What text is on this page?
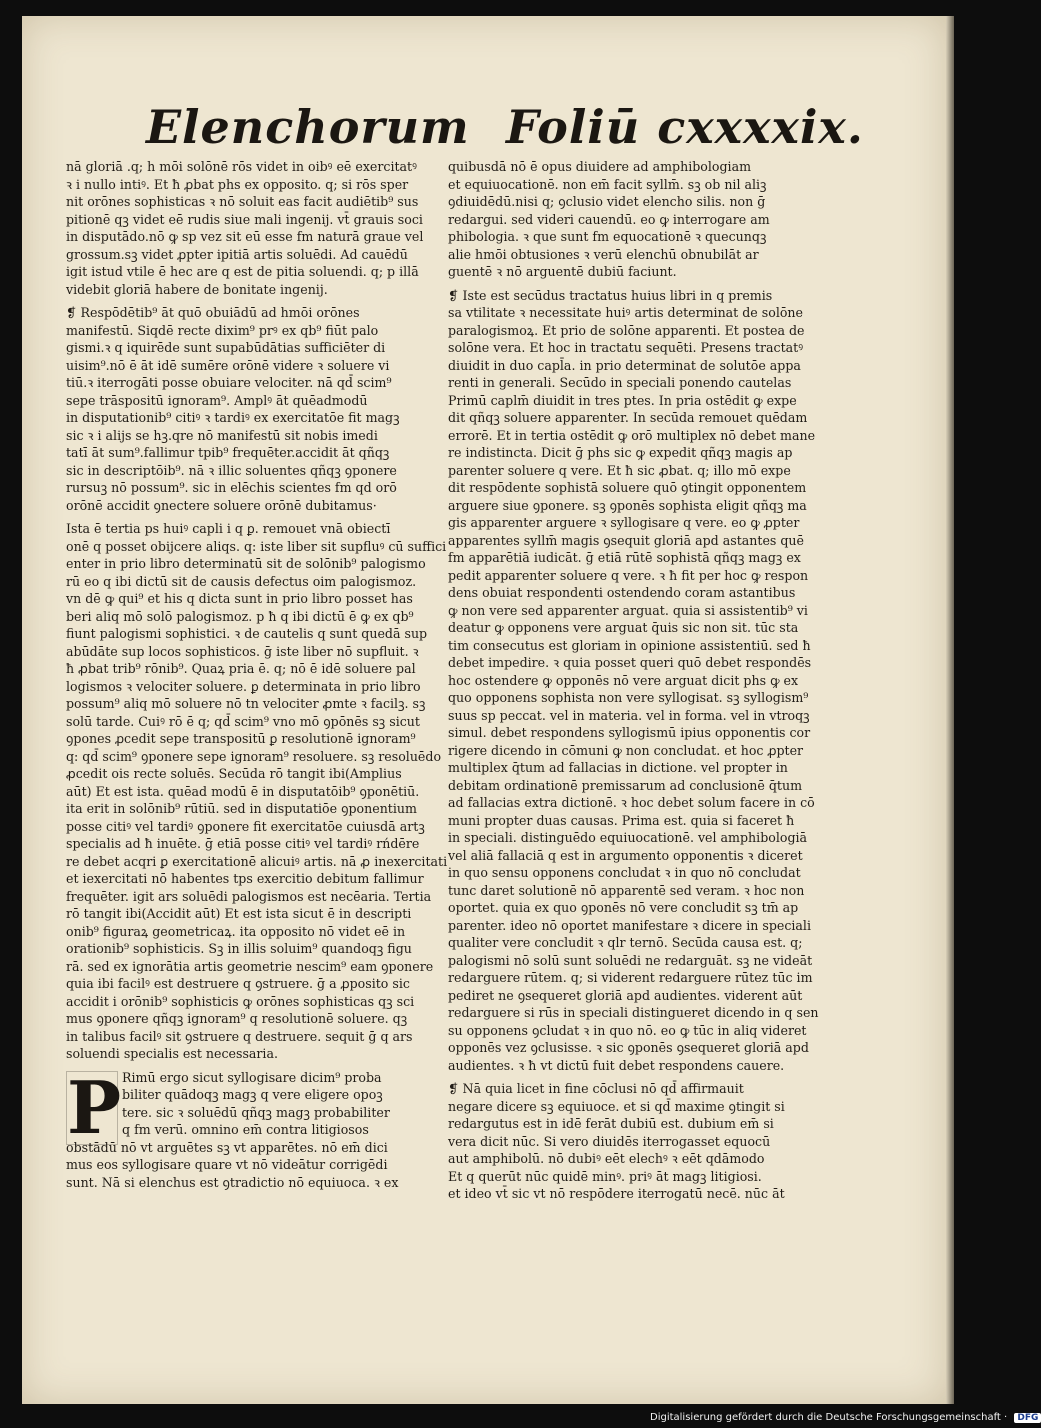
Elenchorum Foliū cxxxxix.

nā gloriā .q; h mōi solōnē rōs videt in oibꝰ eē exercitatꝰ

ꝛ i nullo intiꝰ. Et ħ ꝓbat phs ex opposito. q; si rōs sper

nit orōnes sophisticas ꝛ nō soluit eas facit audiētib⁹ sus

pitionē qꝫ videt eē rudis siue mali ingenij. vt̄ grauis soci

in disputādo.nō ꝙ sp vez sit eū esse fm naturā graue vel

grossum.sꝫ videt ꝓpter ipitiā artis soluēdi. Ad cauēdū

igit istud vtile ē hec are q est de pitia soluendi. q; p illā

videbit gloriā habere de bonitate ingenij.

❡ Respōdētib⁹ āt quō obuiādū ad hmōi orōnes

manifestū. Siqdē recte dixim⁹ prꝰ ex qb⁹ fiūt palo

gismi.ꝛ q iquirēde sunt supabūdātias sufficiēter di

uisim⁹.nō ē āt idē sumēre orōnē videre ꝛ soluere vi

tiū.ꝛ iterrogāti posse obuiare velociter. nā qd̄ scim⁹

sepe trāspositū ignoram⁹. Amplꝰ āt quēadmodū

in disputationib⁹ citiꝰ ꝛ tardiꝰ ex exercitatōe fit magꝫ

sic ꝛ i alijs se hꝫ.qre nō manifestū sit nobis imedi

tatī āt sum⁹.fallimur tpib⁹ frequēter.accidit āt qñqꝫ

sic in descriptōib⁹. nā ꝛ illic soluentes qñqꝫ ꝯponere

rursuꝫ nō possum⁹. sic in elēchis scientes fm qd orō

orōnē accidit ꝯnectere soluere orōnē dubitamus·

Ista ē tertia ps huiꝰ capli i q ꝑ. remouet vnā obiectī

onē q posset obijcere aliqs. q: iste liber sit supfluꝰ cū suffici

enter in prio libro determinatū sit de solōnib⁹ palogismo

rū eo q ibi dictū sit de causis defectus oim palogismoz.

vn dē ꝙ qui⁹ et his q dicta sunt in prio libro posset has

beri aliq mō solō palogismoz. p ħ q ibi dictū ē ꝙ ex qb⁹

fiunt palogismi sophistici. ꝛ de cautelis q sunt quedā sup

abūdāte sup locos sophisticos. ḡ iste liber nō supfluit. ꝛ

ħ ꝓbat trib⁹ rōnib⁹. Quaꝝ pria ē. q; nō ē idē soluere pal

logismos ꝛ velociter soluere. ꝑ determinata in prio libro

possum⁹ aliq mō soluere nō tn velociter ꝓmte ꝛ facilꝫ. sꝫ

solū tarde. Cuiꝰ rō ē q; qd̄ scim⁹ vno mō ꝯpōnēs sꝫ sicut

ꝯpones ꝓcedit sepe transpositū ꝑ resolutionē ignoram⁹

q: qd̄ scim⁹ ꝯponere sepe ignoram⁹ resoluere. sꝫ resoluēdo

ꝓcedit ois recte soluēs. Secūda rō tangit ibi(Amplius

aūt) Et est ista. quēad modū ē in disputatōib⁹ ꝯponētiū.

ita erit in solōnib⁹ rūtiū. sed in disputatiōe ꝯponentium

posse citiꝰ vel tardiꝰ ꝯponere fit exercitatōe cuiusdā artꝫ

specialis ad ħ inuēte. ḡ etiā posse citiꝰ vel tardiꝰ rńdēre

re debet acqri ꝑ exercitationē alicuiꝰ artis. nā ꝓ inexercitati

et iexercitati nō habentes tps exercitio debitum fallimur

frequēter. igit ars soluēdi palogismos est necēaria. Tertia

rō tangit ibi(Accidit aūt) Et est ista sicut ē in descripti

onib⁹ figuraꝝ geometricaꝝ. ita opposito nō videt eē in

orationib⁹ sophisticis. Sꝫ in illis soluim⁹ quandoqꝫ figu

rā. sed ex ignorātia artis geometrie nescim⁹ eam ꝯponere

quia ibi facilꝰ est destruere q ꝯstruere. ḡ a ꝓposito sic

accidit i orōnib⁹ sophisticis ꝙ orōnes sophisticas qꝫ sci

mus ꝯponere qñqꝫ ignoram⁹ q resolutionē soluere. qꝫ

in talibus facilꝰ sit ꝯstruere q destruere. sequit ḡ q ars

soluendi specialis est necessaria.

P Rimū ergo sicut syllogisare dicim⁹ proba

biliter quādoqꝫ magꝫ q vere eligere opoꝫ

tere. sic ꝛ soluēdū qñqꝫ magꝫ probabiliter

q fm verū. omnino em̄ contra litigiosos

obstādū nō vt arguētes sꝫ vt apparētes. nō em̄ dici

mus eos syllogisare quare vt nō videātur corrigēdi

sunt. Nā si elenchus est ꝯtradictio nō equiuoca. ꝛ ex

quibusdā nō ē opus diuidere ad amphibologiam

et equiuocationē. non em̄ facit syllm̄. sꝫ ob nil aliꝫ

ꝯdiuidēdū.nisi q; ꝯclusio videt elencho silis. non ḡ

redargui. sed videri cauendū. eo ꝙ interrogare am

phibologia. ꝛ que sunt fm equocationē ꝛ quecunqꝫ

alie hmōi obtusiones ꝛ verū elenchū obnubilāt ar

guentē ꝛ nō arguentē dubiū faciunt.

❡ Iste est secūdus tractatus huius libri in q premis

sa vtilitate ꝛ necessitate huiꝰ artis determinat de solōne

paralogismoꝝ. Et prio de solōne apparenti. Et postea de

solōne vera. Et hoc in tractatu sequēti. Presens tractatꝰ

diuidit in duo capl̄a. in prio determinat de solutōe appa

renti in generali. Secūdo in speciali ponendo cautelas

Primū caplm̄ diuidit in tres ptes. In pria ostēdit ꝙ expe

dit qñqꝫ soluere apparenter. In secūda remouet quēdam

errorē. Et in tertia ostēdit ꝙ orō multiplex nō debet mane

re indistincta. Dicit ḡ phs sic ꝙ expedit qñqꝫ magis ap

parenter soluere q vere. Et ħ sic ꝓbat. q; illo mō expe

dit respōdente sophistā soluere quō ꝯtingit opponentem

arguere siue ꝯponere. sꝫ ꝯponēs sophista eligit qñqꝫ ma

gis apparenter arguere ꝛ syllogisare q vere. eo ꝙ ꝓpter

apparentes syllm̄ magis ꝯsequit gloriā apd astantes quē

fm apparētiā iudicāt. ḡ etiā rūtē sophistā qñqꝫ magꝫ ex

pedit apparenter soluere q vere. ꝛ ħ fit per hoc ꝙ respon

dens obuiat respondenti ostendendo coram astantibus

ꝙ non vere sed apparenter arguat. quia si assistentib⁹ vi

deatur ꝙ opponens vere arguat q̄uis sic non sit. tūc sta

tim consecutus est gloriam in opinione assistentiū. sed ħ

debet impedire. ꝛ quia posset queri quō debet respondēs

hoc ostendere ꝙ opponēs nō vere arguat dicit phs ꝙ ex

quo opponens sophista non vere syllogisat. sꝫ syllogism⁹

suus sp peccat. vel in materia. vel in forma. vel in vtroqꝫ

simul. debet respondens syllogismū ipius opponentis cor

rigere dicendo in cōmuni ꝙ non concludat. et hoc ꝓpter

multiplex q̄tum ad fallacias in dictione. vel propter in

debitam ordinationē premissarum ad conclusionē q̄tum

ad fallacias extra dictionē. ꝛ hoc debet solum facere in cō

muni propter duas causas. Prima est. quia si faceret ħ

in speciali. distinguēdo equiuocationē. vel amphibologiā

vel aliā fallaciā q est in argumento opponentis ꝛ diceret

in quo sensu opponens concludat ꝛ in quo nō concludat

tunc daret solutionē nō apparentē sed veram. ꝛ hoc non

oportet. quia ex quo ꝯponēs nō vere concludit sꝫ tm̄ ap

parenter. ideo nō oportet manifestare ꝛ dicere in speciali

qualiter vere concludit ꝛ qlr ternō. Secūda causa est. q;

palogismi nō solū sunt soluēdi ne redarguāt. sꝫ ne videāt

redarguere rūtem. q; si viderent redarguere rūtez tūc im

pediret ne ꝯsequeret gloriā apd audientes. viderent aūt

redarguere si rūs in speciali distingueret dicendo in q sen

su opponens ꝯcludat ꝛ in quo nō. eo ꝙ tūc in aliq videret

opponēs vez ꝯclusisse. ꝛ sic ꝯponēs ꝯsequeret gloriā apd

audientes. ꝛ ħ vt dictū fuit debet respondens cauere.

❡ Nā quia licet in fine cōclusi nō qd̄ affirmauit

negare dicere sꝫ equiuoce. et si qd̄ maxime ꝯtingit si

redargutus est in idē ferāt dubiū est. dubium em̄ si

vera dicit nūc. Si vero diuidēs iterrogasset equocū

aut amphibolū. nō dubiꝰ eēt elechꝰ ꝛ eēt qdāmodo

Et q querūt nūc quidē minꝰ. priꝰ āt magꝫ litigiosi.

et ideo vt̄ sic vt nō respōdere iterrogatū necē. nūc āt

Digitalisierung gefördert durch die Deutsche Forschungsgemeinschaft · DFG
